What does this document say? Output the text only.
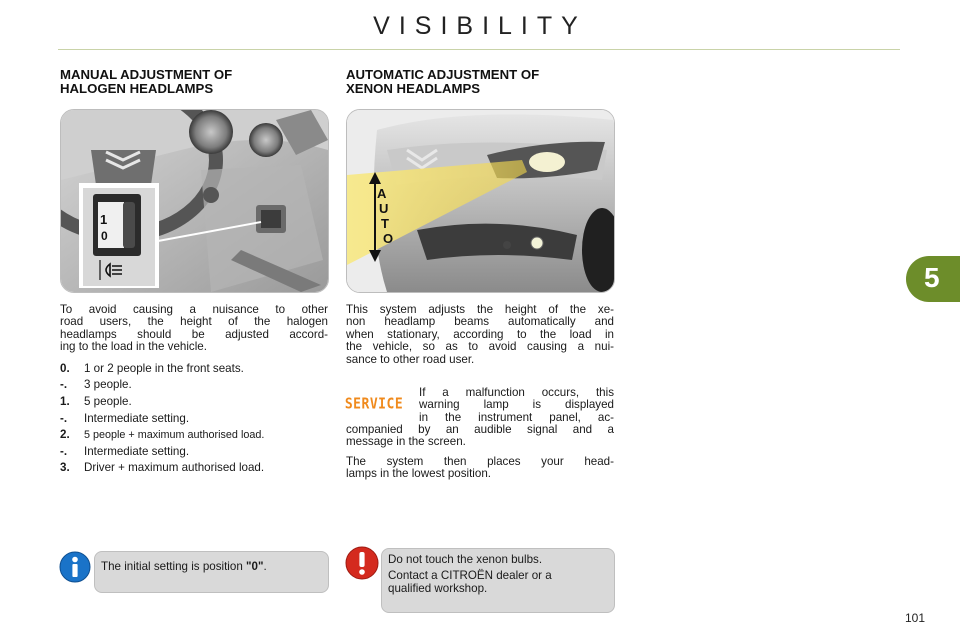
VISIBILITY
5
MANUAL ADJUSTMENT OF
HALOGEN HEADLAMPS
AUTOMATIC ADJUSTMENT OF
XENON HEADLAMPS
1
0
A
U
T
O
To avoid causing a nuisance to other
road users, the height of the halogen
headlamps should be adjusted accord-
ing to the load in the vehicle.
0.	1 or 2 people in the front seats.
-.	3 people.
1.	5 people.
-.	Intermediate setting.
2.	5 people + maximum authorised load.
-.	Intermediate setting.
3.	Driver + maximum authorised load.
This system adjusts the height of the xe-
non headlamp beams automatically and
when stationary, according to the load in
the vehicle, so as to avoid causing a nui-
sance to other road user.
SERVICE
If a malfunction occurs, this
warning lamp is displayed
in the instrument panel, ac-
companied by an audible signal and a
message in the screen.
The system then places your head-
lamps in the lowest position.
The initial setting is position "0".
Do not touch the xenon bulbs.
Contact a CITROËN dealer or a
qualified workshop.
101
